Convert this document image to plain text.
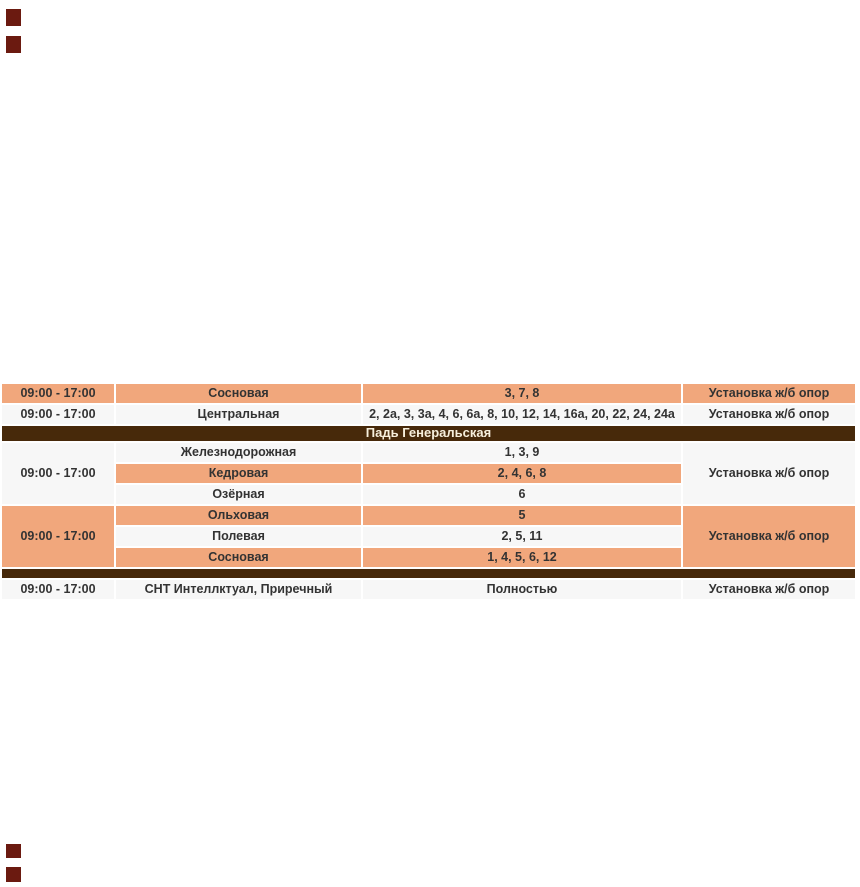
09:00 - 17:00	Сосновая	3, 7, 8	Установка ж/б опор
09:00 - 17:00	Центральная	2, 2а, 3, 3а, 4, 6, 6а, 8, 10, 12, 14, 16а, 20, 22, 24, 24а	Установка ж/б опор
Падь Генеральская			
09:00 - 17:00	Железнодорожная	1, 3, 9	Установка ж/б опор
	Кедровая	2, 4, 6, 8	
	Озёрная	6	
09:00 - 17:00	Ольховая	5	Установка ж/б опор
	Полевая	2, 5, 11	
	Сосновая	1, 4, 5, 6, 12	

09:00 - 17:00	СНТ Интеллктуал, Приречный	Полностью	Установка ж/б опор
